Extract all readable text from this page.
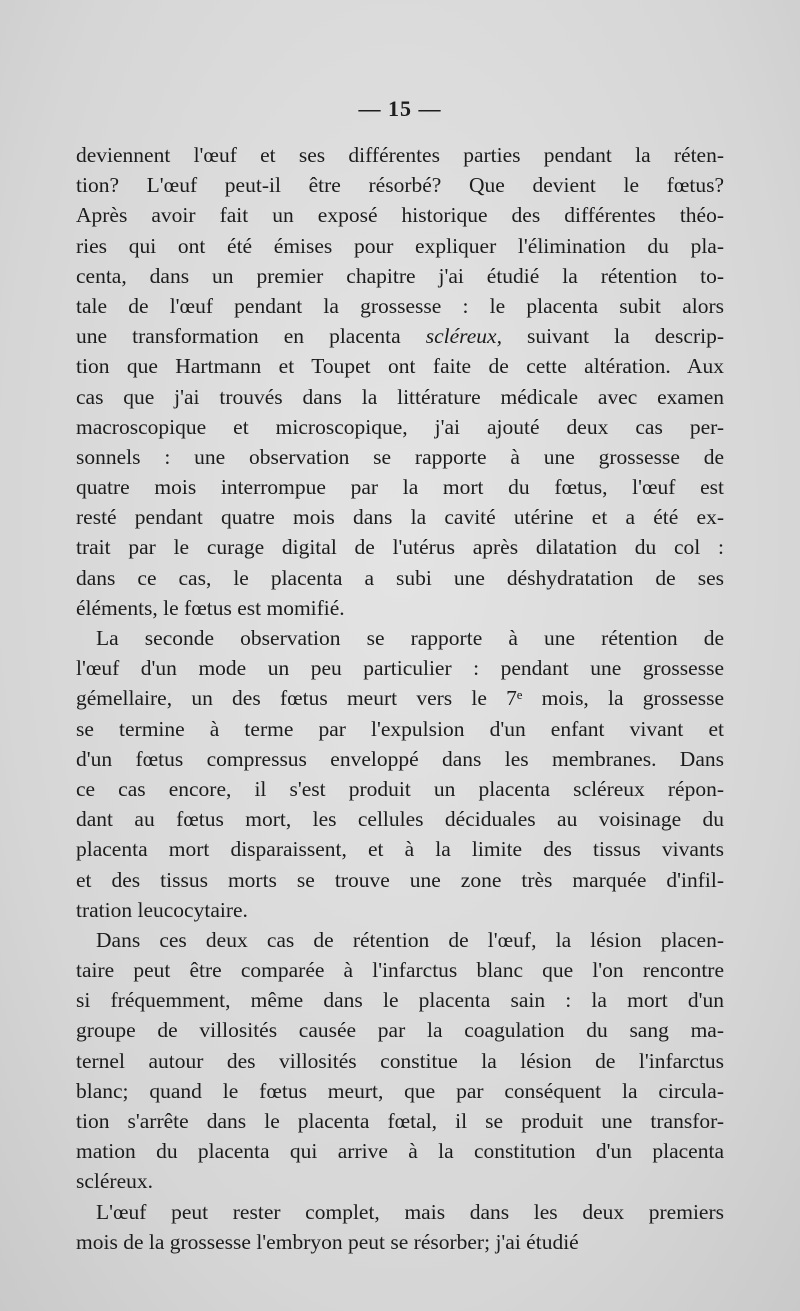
— 15 —
deviennent l'œuf et ses différentes parties pendant la réten-
tion? L'œuf peut-il être résorbé? Que devient le fœtus?
Après avoir fait un exposé historique des différentes théo-
ries qui ont été émises pour expliquer l'élimination du pla-
centa, dans un premier chapitre j'ai étudié la rétention to-
tale de l'œuf pendant la grossesse : le placenta subit alors
une transformation en placenta scléreux, suivant la descrip-
tion que Hartmann et Toupet ont faite de cette altération. Aux
cas que j'ai trouvés dans la littérature médicale avec examen
macroscopique et microscopique, j'ai ajouté deux cas per-
sonnels : une observation se rapporte à une grossesse de
quatre mois interrompue par la mort du fœtus, l'œuf est
resté pendant quatre mois dans la cavité utérine et a été ex-
trait par le curage digital de l'utérus après dilatation du col :
dans ce cas, le placenta a subi une déshydratation de ses
éléments, le fœtus est momifié.
La seconde observation se rapporte à une rétention de
l'œuf d'un mode un peu particulier : pendant une grossesse
gémellaire, un des fœtus meurt vers le 7ᵉ mois, la grossesse
se termine à terme par l'expulsion d'un enfant vivant et
d'un fœtus compressus enveloppé dans les membranes. Dans
ce cas encore, il s'est produit un placenta scléreux répon-
dant au fœtus mort, les cellules déciduales au voisinage du
placenta mort disparaissent, et à la limite des tissus vivants
et des tissus morts se trouve une zone très marquée d'infil-
tration leucocytaire.
Dans ces deux cas de rétention de l'œuf, la lésion placen-
taire peut être comparée à l'infarctus blanc que l'on rencontre
si fréquemment, même dans le placenta sain : la mort d'un
groupe de villosités causée par la coagulation du sang ma-
ternel autour des villosités constitue la lésion de l'infarctus
blanc; quand le fœtus meurt, que par conséquent la circula-
tion s'arrête dans le placenta fœtal, il se produit une transfor-
mation du placenta qui arrive à la constitution d'un placenta
scléreux.
L'œuf peut rester complet, mais dans les deux premiers
mois de la grossesse l'embryon peut se résorber; j'ai étudié
